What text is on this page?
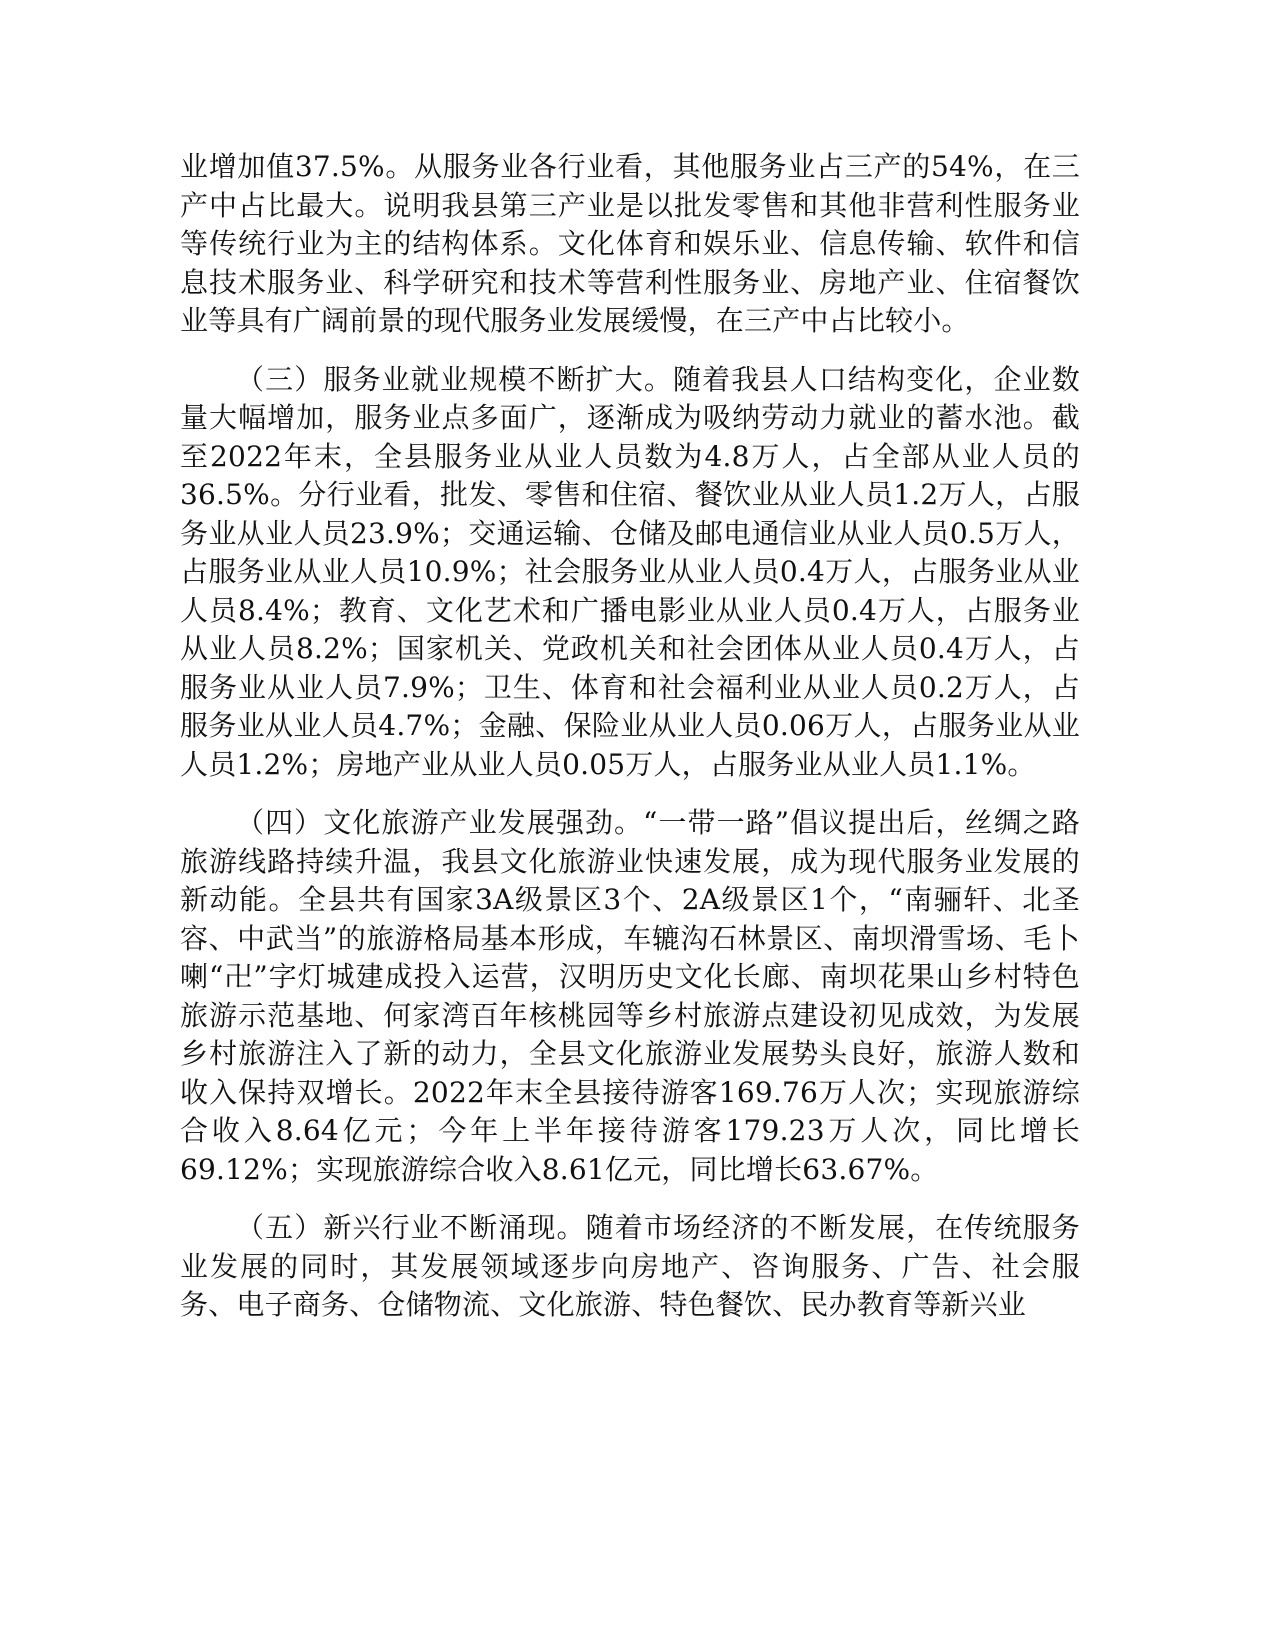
业增加值37.5%。从服务业各行业看，其他服务业占三产的54%，在三产中占比最大。说明我县第三产业是以批发零售和其他非营利性服务业等传统行业为主的结构体系。文化体育和娱乐业、信息传输、软件和信息技术服务业、科学研究和技术等营利性服务业、房地产业、住宿餐饮业等具有广阔前景的现代服务业发展缓慢，在三产中占比较小。

（三）服务业就业规模不断扩大。随着我县人口结构变化，企业数量大幅增加，服务业点多面广，逐渐成为吸纳劳动力就业的蓄水池。截至2022年末，全县服务业从业人员数为4.8万人，占全部从业人员的36.5%。分行业看，批发、零售和住宿、餐饮业从业人员1.2万人，占服务业从业人员23.9%；交通运输、仓储及邮电通信业从业人员0.5万人，占服务业从业人员10.9%；社会服务业从业人员0.4万人，占服务业从业人员8.4%；教育、文化艺术和广播电影业从业人员0.4万人，占服务业从业人员8.2%；国家机关、党政机关和社会团体从业人员0.4万人，占服务业从业人员7.9%；卫生、体育和社会福利业从业人员0.2万人，占服务业从业人员4.7%；金融、保险业从业人员0.06万人，占服务业从业人员1.2%；房地产业从业人员0.05万人，占服务业从业人员1.1%。

（四）文化旅游产业发展强劲。“一带一路”倡议提出后，丝绸之路旅游线路持续升温，我县文化旅游业快速发展，成为现代服务业发展的新动能。全县共有国家3A级景区3个、2A级景区1个，“南骊轩、北圣容、中武当”的旅游格局基本形成，车辘沟石林景区、南坝滑雪场、毛卜喇“卍”字灯城建成投入运营，汉明历史文化长廊、南坝花果山乡村特色旅游示范基地、何家湾百年核桃园等乡村旅游点建设初见成效，为发展乡村旅游注入了新的动力，全县文化旅游业发展势头良好，旅游人数和收入保持双增长。2022年末全县接待游客169.76万人次；实现旅游综合收入8.64亿元；今年上半年接待游客179.23万人次，同比增长69.12%；实现旅游综合收入8.61亿元，同比增长63.67%。

（五）新兴行业不断涌现。随着市场经济的不断发展，在传统服务业发展的同时，其发展领域逐步向房地产、咨询服务、广告、社会服务、电子商务、仓储物流、文化旅游、特色餐饮、民办教育等新兴业
